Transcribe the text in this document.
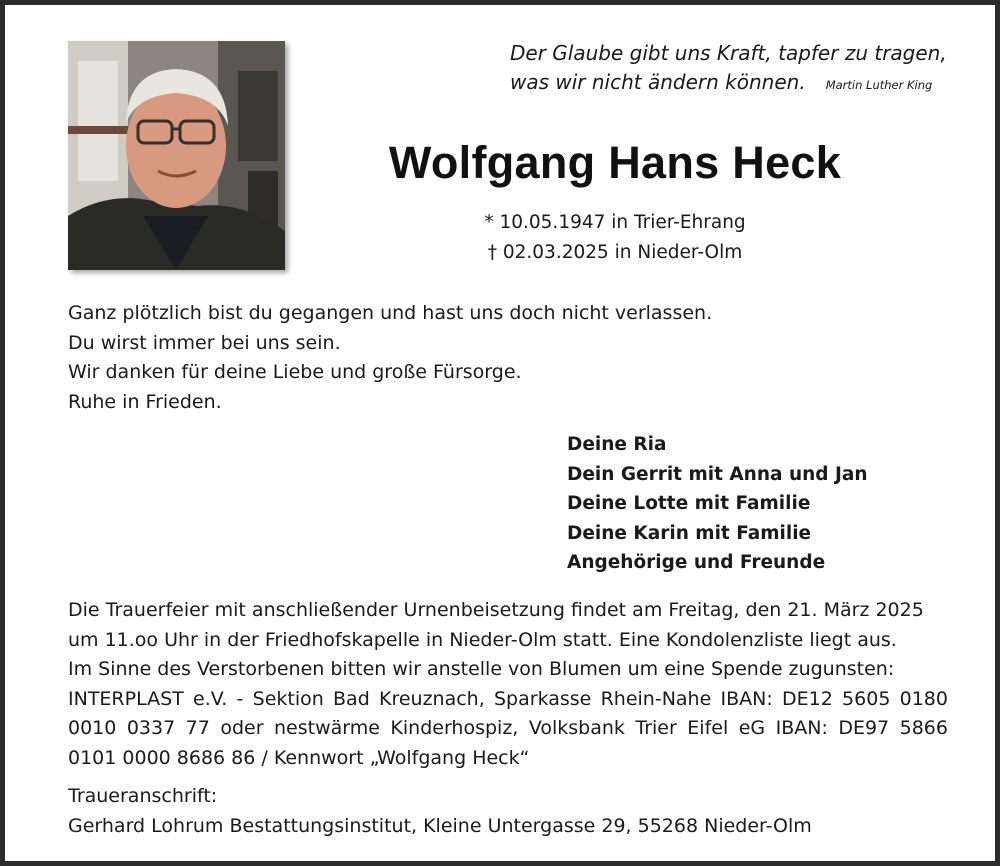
Der Glaube gibt uns Kraft, tapfer zu tragen,
was wir nicht ändern können. Martin Luther King
Wolfgang Hans Heck
* 10.05.1947 in Trier-Ehrang
† 02.03.2025 in Nieder-Olm
Ganz plötzlich bist du gegangen und hast uns doch nicht verlassen.
Du wirst immer bei uns sein.
Wir danken für deine Liebe und große Fürsorge.
Ruhe in Frieden.
Deine Ria
Dein Gerrit mit Anna und Jan
Deine Lotte mit Familie
Deine Karin mit Familie
Angehörige und Freunde
Die Trauerfeier mit anschließender Urnenbeisetzung findet am Freitag, den 21. März 2025
um 11.oo Uhr in der Friedhofskapelle in Nieder-Olm statt. Eine Kondolenzliste liegt aus.
Im Sinne des Verstorbenen bitten wir anstelle von Blumen um eine Spende zugunsten:
INTERPLAST e.V. - Sektion Bad Kreuznach, Sparkasse Rhein-Nahe IBAN: DE12 5605 0180
0010 0337 77 oder nestwärme Kinderhospiz, Volksbank Trier Eifel eG IBAN: DE97 5866
0101 0000 8686 86 / Kennwort „Wolfgang Heck“
Traueranschrift:
Gerhard Lohrum Bestattungsinstitut, Kleine Untergasse 29, 55268 Nieder-Olm
